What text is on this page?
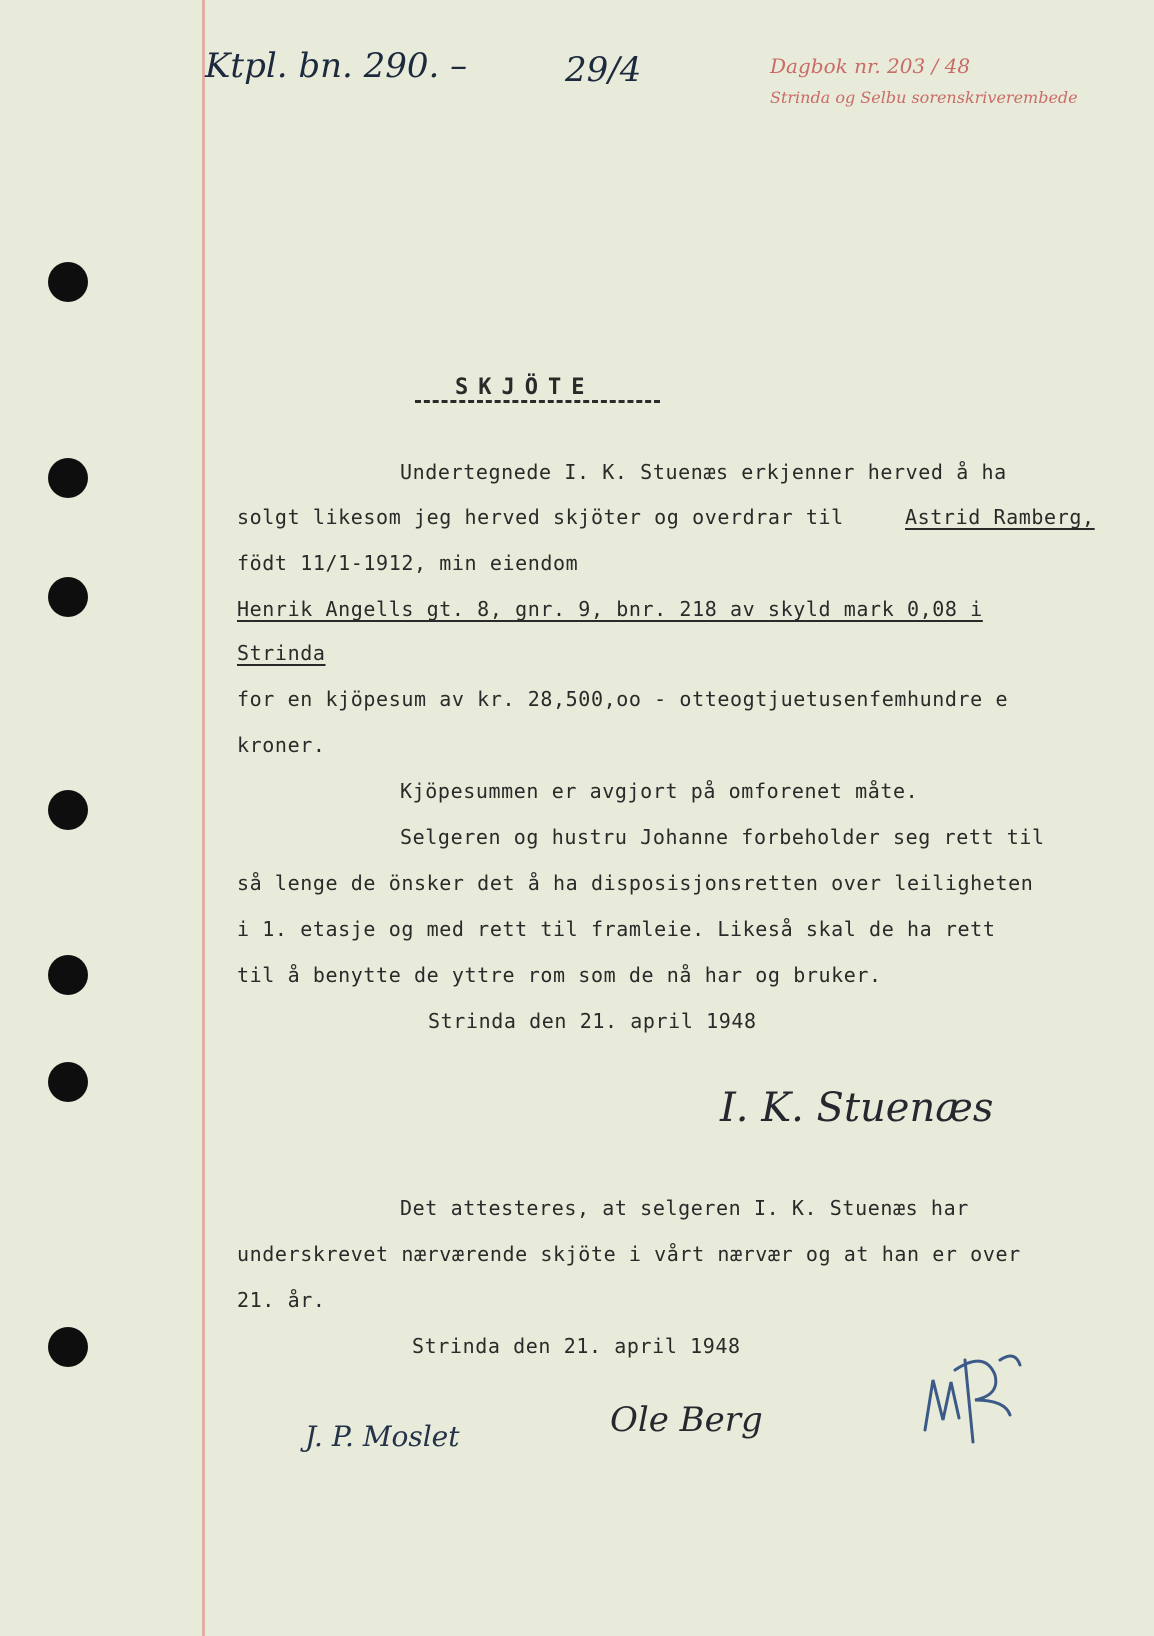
Ktpl. bn. 290. –	29/4	Dagbok nr. 203 / 48
Strinda og Selbu sorenskriverembede
SKJÖTE
Undertegnede I. K. Stuenæs erkjenner herved å ha
solgt likesom jeg herved skjöter og overdrar til	Astrid Ramberg,
födt 11/1-1912, min eiendom
Henrik Angells gt. 8, gnr. 9, bnr. 218 av skyld mark 0,08 i
Strinda
for en kjöpesum av kr. 28,500,oo - otteogtjuetusenfemhundre e
kroner.
Kjöpesummen er avgjort på omforenet måte.
Selgeren og hustru Johanne forbeholder seg rett til
så lenge de önsker det å ha disposisjonsretten over leiligheten
i 1. etasje og med rett til framleie. Likeså skal de ha rett
til å benytte de yttre rom som de nå har og bruker.
Strinda den 21. april 1948
I. K. Stuenæs
Det attesteres, at selgeren I. K. Stuenæs har
underskrevet nærværende skjöte i vårt nærvær og at han er over
21. år.
Strinda den 21. april 1948
J. P. Moslet	Ole Berg
